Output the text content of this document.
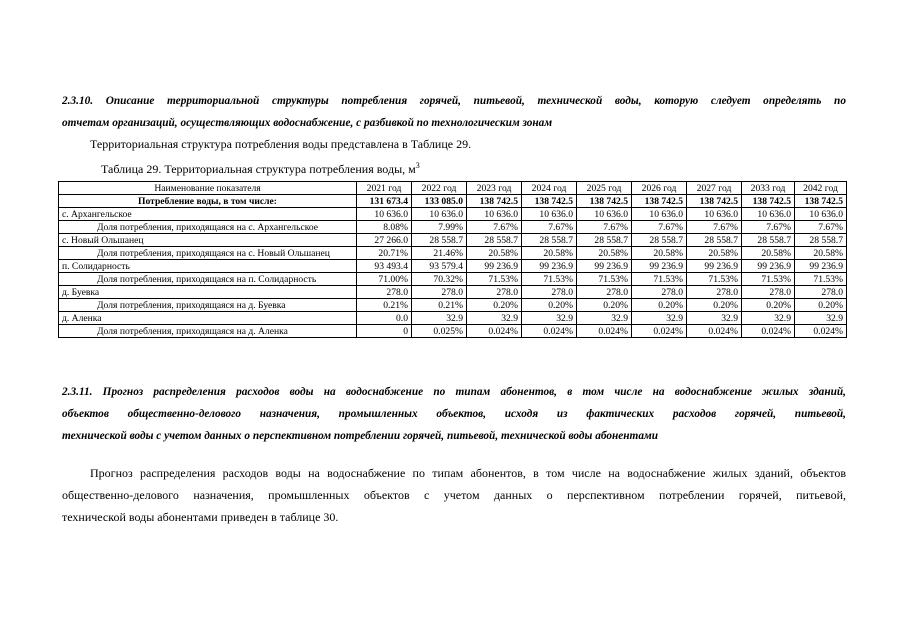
2.3.10. Описание территориальной структуры потребления горячей, питьевой, технической воды, которую следует определять по
отчетам организаций, осуществляющих водоснабжение, с разбивкой по технологическим зонам
Территориальная структура потребления воды представлена в Таблице 29.
Таблица 29. Территориальная структура потребления воды, $м^3$
Наименование показателя	2021 год	2022 год	2023 год	2024 год	2025 год	2026 год	2027 год	2033 год	2042 год
Потребление воды, в том числе:	131 673.4	133 085.0	138 742.5	138 742.5	138 742.5	138 742.5	138 742.5	138 742.5	138 742.5
с. Архангельское	10 636.0	10 636.0	10 636.0	10 636.0	10 636.0	10 636.0	10 636.0	10 636.0	10 636.0
Доля потребления, приходящаяся на с. Архангельское	8.08%	7.99%	7.67%	7.67%	7.67%	7.67%	7.67%	7.67%	7.67%
с. Новый Ольшанец	27 266.0	28 558.7	28 558.7	28 558.7	28 558.7	28 558.7	28 558.7	28 558.7	28 558.7
Доля потребления, приходящаяся на с. Новый Ольшанец	20.71%	21.46%	20.58%	20.58%	20.58%	20.58%	20.58%	20.58%	20.58%
п. Солидарность	93 493.4	93 579.4	99 236.9	99 236.9	99 236.9	99 236.9	99 236.9	99 236.9	99 236.9
Доля потребления, приходящаяся на п. Солидарность	71.00%	70.32%	71.53%	71.53%	71.53%	71.53%	71.53%	71.53%	71.53%
д. Буевка	278.0	278.0	278.0	278.0	278.0	278.0	278.0	278.0	278.0
Доля потребления, приходящаяся на д. Буевка	0.21%	0.21%	0.20%	0.20%	0.20%	0.20%	0.20%	0.20%	0.20%
д. Аленка	0.0	32.9	32.9	32.9	32.9	32.9	32.9	32.9	32.9
Доля потребления, приходящаяся на д. Аленка	0	0.025%	0.024%	0.024%	0.024%	0.024%	0.024%	0.024%	0.024%
2.3.11. Прогноз распределения расходов воды на водоснабжение по типам абонентов, в том числе на водоснабжение жилых зданий,
объектов общественно-делового назначения, промышленных объектов, исходя из фактических расходов горячей, питьевой,
технической воды с учетом данных о перспективном потреблении горячей, питьевой, технической воды абонентами
Прогноз распределения расходов воды на водоснабжение по типам абонентов, в том числе на водоснабжение жилых зданий, объектов
общественно-делового назначения, промышленных объектов с учетом данных о перспективном потреблении горячей, питьевой,
технической воды абонентами приведен в таблице 30.
